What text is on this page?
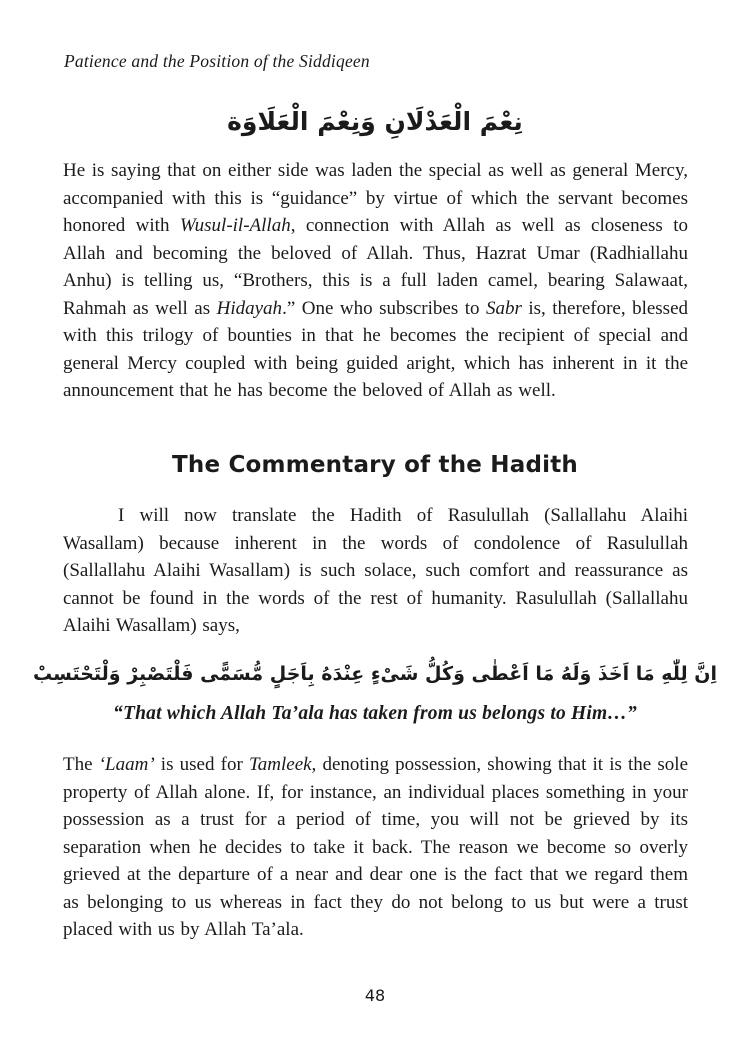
Patience and the Position of the Siddiqeen
نِعْمَ الْعَدْلَانِ وَنِعْمَ الْعَلَاوَة
He is saying that on either side was laden the special as well as general Mercy, accompanied with this is “guidance” by virtue of which the servant becomes honored with Wusul-il-Allah, connection with Allah as well as closeness to Allah and becoming the beloved of Allah. Thus, Hazrat Umar (Radhiallahu Anhu) is telling us, “Brothers, this is a full laden camel, bearing Salawaat, Rahmah as well as Hidayah.” One who subscribes to Sabr is, therefore, blessed with this trilogy of bounties in that he becomes the recipient of special and general Mercy coupled with being guided aright, which has inherent in it the announcement that he has become the beloved of Allah as well.
The Commentary of the Hadith
I will now translate the Hadith of Rasulullah (Sallallahu Alaihi Wasallam) because inherent in the words of condolence of Rasulullah (Sallallahu Alaihi Wasallam) is such solace, such comfort and reassurance as cannot be found in the words of the rest of humanity. Rasulullah (Sallallahu Alaihi Wasallam) says,
اِنَّ لِلّٰهِ مَا اَخَذَ وَلَهُ مَا اَعْطٰى وَكُلُّ شَىْءٍ عِنْدَهُ بِاَجَلٍ مُّسَمًّى فَلْتَصْبِرْ وَلْتَحْتَسِبْ
“That which Allah Ta’ala has taken from us belongs to Him…”
The ‘Laam’ is used for Tamleek, denoting possession, showing that it is the sole property of Allah alone. If, for instance, an individual places something in your possession as a trust for a period of time, you will not be grieved by its separation when he decides to take it back. The reason we become so overly grieved at the departure of a near and dear one is the fact that we regard them as belonging to us whereas in fact they do not belong to us but were a trust placed with us by Allah Ta’ala.
48
